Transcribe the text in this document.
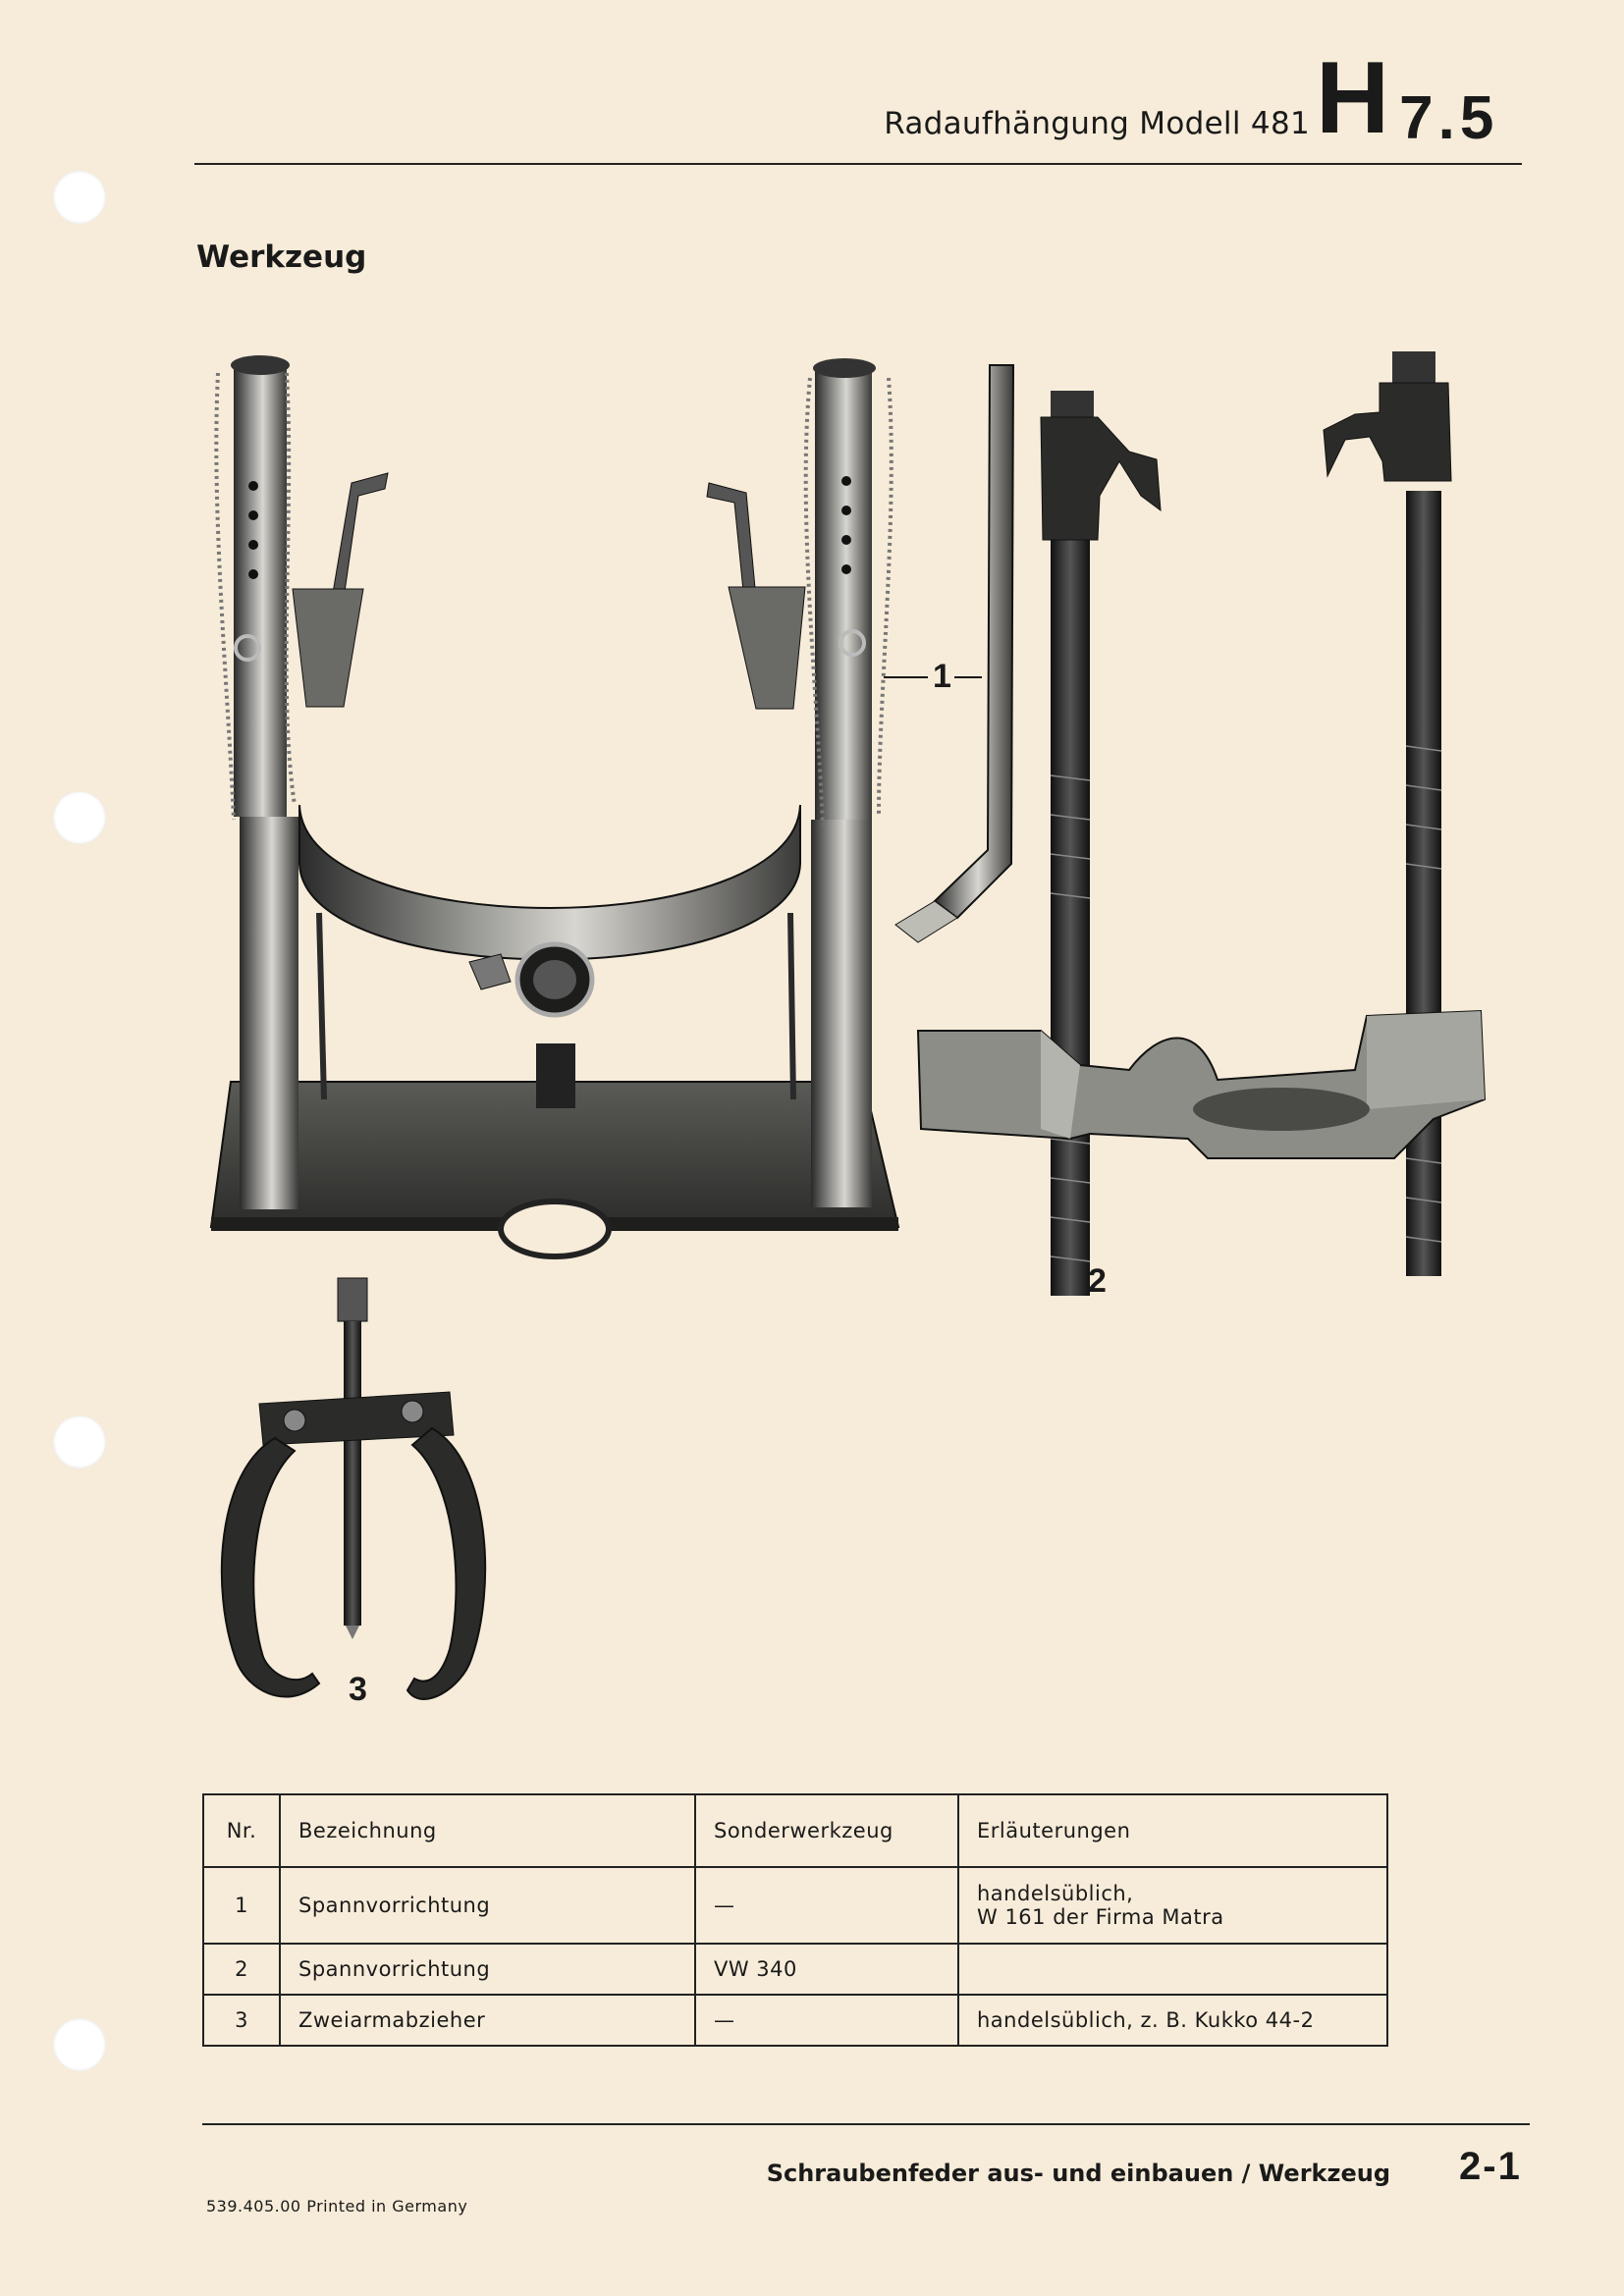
Radaufhängung Modell 481 H 7.5
Werkzeug
1
2
3
Nr.	Bezeichnung	Sonderwerkzeug	Erläuterungen
1	Spannvorrichtung	—	handelsüblich,
W 161 der Firma Matra

2	Spannvorrichtung	VW 340	
3	Zweiarmabzieher	—	handelsüblich, z. B. Kukko 44-2
Schraubenfeder aus- und einbauen / Werkzeug 2-1
539.405.00 Printed in Germany
